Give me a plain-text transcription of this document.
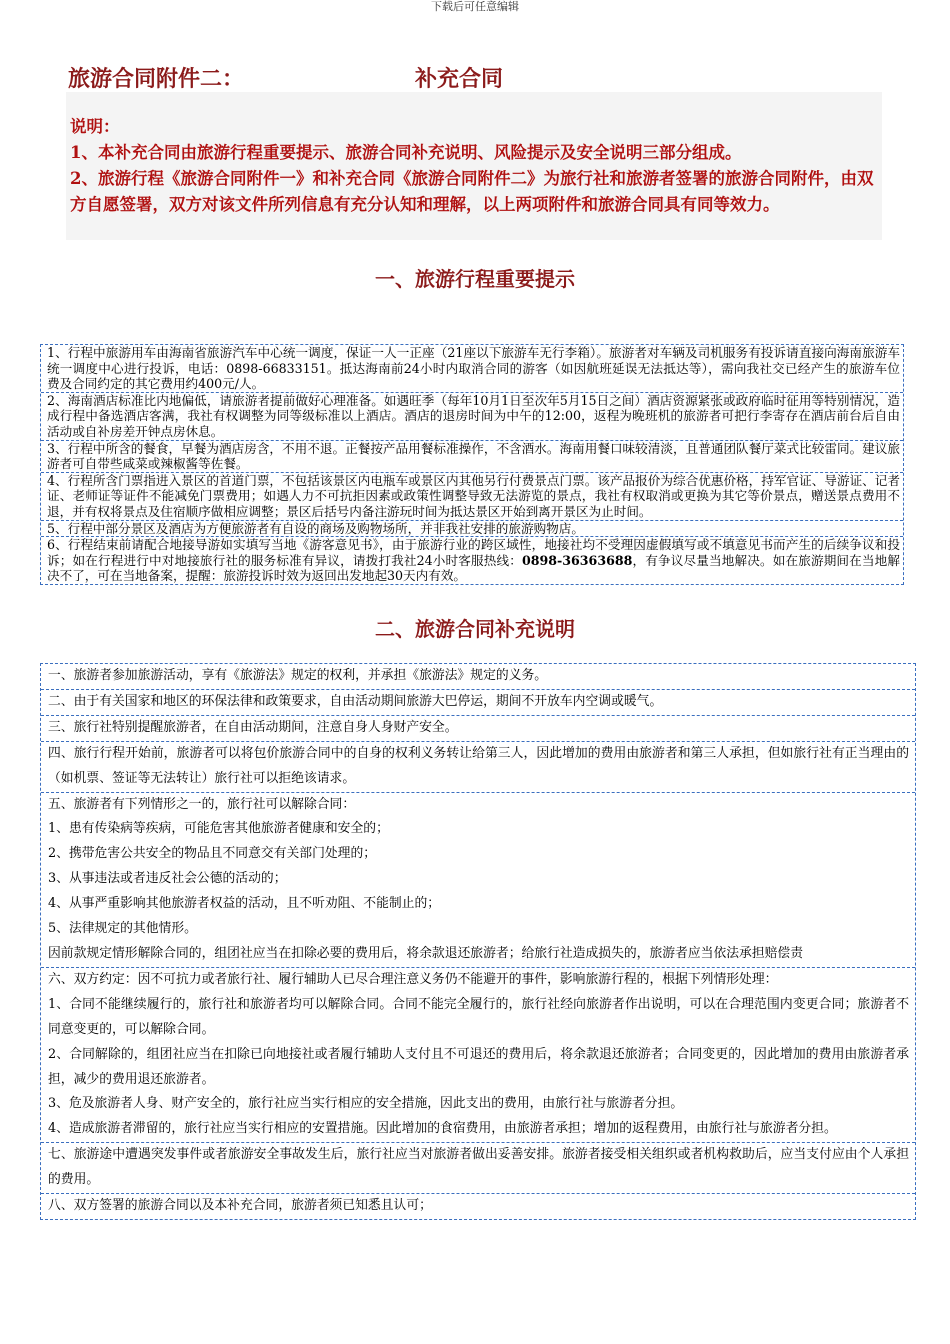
下载后可任意编辑

说明：

1、本补充合同由旅游行程重要提示、旅游合同补充说明、风险提示及安全说明三部分组成。

2、旅游行程《旅游合同附件一》和补充合同《旅游合同附件二》为旅行社和旅游者签署的旅游合同附件，由双方自愿签署，双方对该文件所列信息有充分认知和理解，以上两项附件和旅游合同具有同等效力。

旅游合同附件二：	补充合同
一、旅游行程重要提示
1、行程中旅游用车由海南省旅游汽车中心统一调度，保证一人一正座（21座以下旅游车无行李箱）。旅游者对车辆及司机服务有投诉请直接向海南旅游车统一调度中心进行投诉，电话：0898-66833151。抵达海南前24小时内取消合同的游客（如因航班延误无法抵达等），需向我社交已经产生的旅游车位费及合同约定的其它费用约400元/人。
2、海南酒店标准比内地偏低，请旅游者提前做好心理准备。如遇旺季（每年10月1日至次年5月15日之间）酒店资源紧张或政府临时征用等特别情况，造成行程中备选酒店客满，我社有权调整为同等级标准以上酒店。酒店的退房时间为中午的12:00，返程为晚班机的旅游者可把行李寄存在酒店前台后自由活动或自补房差开钟点房休息。
3、行程中所含的餐食，早餐为酒店房含，不用不退。正餐按产品用餐标准操作，不含酒水。海南用餐口味较清淡，且普通团队餐厅菜式比较雷同。建议旅游者可自带些咸菜或辣椒酱等佐餐。
4、行程所含门票指进入景区的首道门票，不包括该景区内电瓶车或景区内其他另行付费景点门票。该产品报价为综合优惠价格，持军官证、导游证、记者证、老师证等证件不能减免门票费用；如遇人力不可抗拒因素或政策性调整导致无法游览的景点，我社有权取消或更换为其它等价景点，赠送景点费用不退，并有权将景点及住宿顺序做相应调整；景区后括号内备注游玩时间为抵达景区开始到离开景区为止时间。
5、行程中部分景区及酒店为方便旅游者有自设的商场及购物场所，并非我社安排的旅游购物店。
6、行程结束前请配合地接导游如实填写当地《游客意见书》，由于旅游行业的跨区域性，地接社均不受理因虚假填写或不填意见书而产生的后续争议和投诉；如在行程进行中对地接旅行社的服务标准有异议，请拨打我社24小时客服热线：0898-36363688，有争议尽量当地解决。如在旅游期间在当地解决不了，可在当地备案，提醒：旅游投诉时效为返回出发地起30天内有效。
二、旅游合同补充说明

一、旅游者参加旅游活动，享有《旅游法》规定的权利，并承担《旅游法》规定的义务。

二、由于有关国家和地区的环保法律和政策要求，自由活动期间旅游大巴停运，期间不开放车内空调或暖气。

三、旅行社特别提醒旅游者，在自由活动期间，注意自身人身财产安全。

四、旅行行程开始前，旅游者可以将包价旅游合同中的自身的权利义务转让给第三人，因此增加的费用由旅游者和第三人承担，但如旅行社有正当理由的（如机票、签证等无法转让）旅行社可以拒绝该请求。

五、旅游者有下列情形之一的，旅行社可以解除合同：

1、患有传染病等疾病，可能危害其他旅游者健康和安全的；

2、携带危害公共安全的物品且不同意交有关部门处理的；

3、从事违法或者违反社会公德的活动的；

4、从事严重影响其他旅游者权益的活动，且不听劝阻、不能制止的；

5、法律规定的其他情形。

因前款规定情形解除合同的，组团社应当在扣除必要的费用后，将余款退还旅游者；给旅行社造成损失的，旅游者应当依法承担赔偿责

六、双方约定：因不可抗力或者旅行社、履行辅助人已尽合理注意义务仍不能避开的事件，影响旅游行程的，根据下列情形处理：

1、合同不能继续履行的，旅行社和旅游者均可以解除合同。合同不能完全履行的，旅行社经向旅游者作出说明，可以在合理范围内变更合同；旅游者不同意变更的，可以解除合同。

2、合同解除的，组团社应当在扣除已向地接社或者履行辅助人支付且不可退还的费用后，将余款退还旅游者；合同变更的，因此增加的费用由旅游者承担，减少的费用退还旅游者。

3、危及旅游者人身、财产安全的，旅行社应当实行相应的安全措施，因此支出的费用，由旅行社与旅游者分担。

4、造成旅游者滞留的，旅行社应当实行相应的安置措施。因此增加的食宿费用，由旅游者承担；增加的返程费用，由旅行社与旅游者分担。

七、旅游途中遭遇突发事件或者旅游安全事故发生后，旅行社应当对旅游者做出妥善安排。旅游者接受相关组织或者机构救助后，应当支付应由个人承担的费用。

八、双方签署的旅游合同以及本补充合同，旅游者须已知悉且认可；
